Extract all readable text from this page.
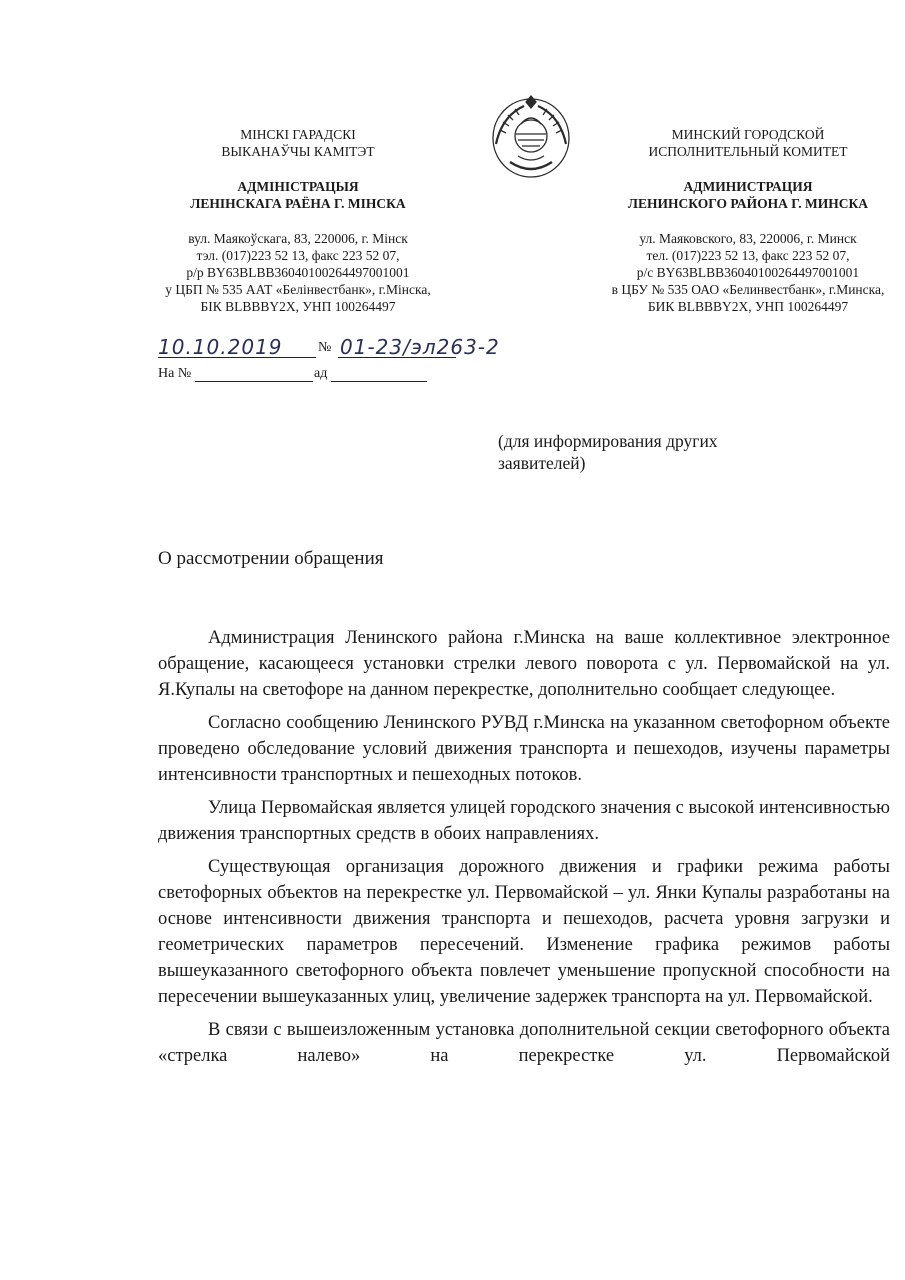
МІНСКІ ГАРАДСКІ
ВЫКАНАЎЧЫ КАМІТЭТ
АДМІНІСТРАЦЫЯ
ЛЕНІНСКАГА РАЁНА Г. МІНСКА
вул. Маякоўскага, 83, 220006, г. Мінск
тэл. (017)223 52 13, факс 223 52 07,
р/р BY63BLBB36040100264497001001
у ЦБП № 535 ААТ «Белінвестбанк», г.Мінска,
БІК BLBBBY2X, УНП 100264497
МИНСКИЙ ГОРОДСКОЙ
ИСПОЛНИТЕЛЬНЫЙ КОМИТЕТ
АДМИНИСТРАЦИЯ
ЛЕНИНСКОГО РАЙОНА Г. МИНСКА
ул. Маяковского, 83, 220006, г. Минск
тел. (017)223 52 13, факс 223 52 07,
р/с BY63BLBB36040100264497001001
в ЦБУ № 535 ОАО «Белинвестбанк», г.Минска,
БИК BLBBBY2X, УНП 100264497
10.10.2019	№ 01-23/эл263-2
На №	ад
(для информирования других
заявителей)
О рассмотрении обращения

Администрация Ленинского района г.Минска на ваше коллективное электронное обращение, касающееся установки стрелки левого поворота с ул. Первомайской на ул. Я.Купалы на светофоре на данном перекрестке, дополнительно сообщает следующее.

Согласно сообщению Ленинского РУВД г.Минска на указанном светофорном объекте проведено обследование условий движения транспорта и пешеходов, изучены параметры интенсивности транспортных и пешеходных потоков.

Улица Первомайская является улицей городского значения с высокой интенсивностью движения транспортных средств в обоих направлениях.

Существующая организация дорожного движения и графики режима работы светофорных объектов на перекрестке ул. Первомайской – ул. Янки Купалы разработаны на основе интенсивности движения транспорта и пешеходов, расчета уровня загрузки и геометрических параметров пересечений. Изменение графика режимов работы вышеуказанного светофорного объекта повлечет уменьшение пропускной способности на пересечении вышеуказанных улиц, увеличение задержек транспорта на ул. Первомайской.

В связи с вышеизложенным установка дополнительной секции светофорного объекта «стрелка налево» на перекрестке ул. Первомайской
